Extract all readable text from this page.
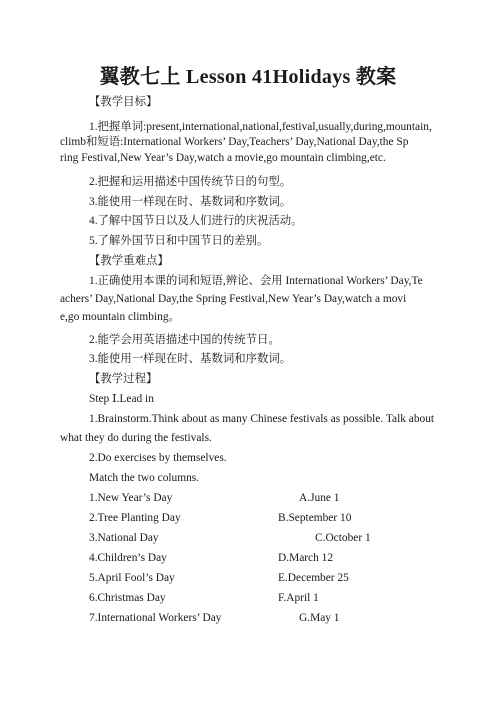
翼教七上 Lesson 41Holidays 教案
【教学目标】
1.把握单词:present,international,national,festival,usually,during,mountain,
climb和短语:International Workers’ Day,Teachers’ Day,National Day,the Sp
ring Festival,New Year’s Day,watch a movie,go mountain climbing,etc.
2.把握和运用描述中国传统节日的句型。
3.能使用一样现在时、基数词和序数词。
4.了解中国节日以及人们进行的庆祝活动。
5.了解外国节日和中国节日的差别。
【教学重难点】
1.正确使用本课的词和短语,辨论、会用 International Workers’ Day,Te
achers’ Day,National Day,the Spring Festival,New Year’s Day,watch a movi
e,go mountain climbing。
2.能学会用英语描述中国的传统节日。
3.能使用一样现在时、基数词和序数词。
【教学过程】
Step Ⅰ.Lead in
1.Brainstorm.Think about as many Chinese festivals as possible. Talk about
what they do during the festivals.
2.Do exercises by themselves.
Match the two columns.
1.New Year’s Day	A.June 1
2.Tree Planting Day	B.September 10
3.National Day	C.October 1
4.Children’s Day	D.March 12
5.April Fool’s Day	E.December 25
6.Christmas Day	F.April 1
7.International Workers’ Day	G.May 1
